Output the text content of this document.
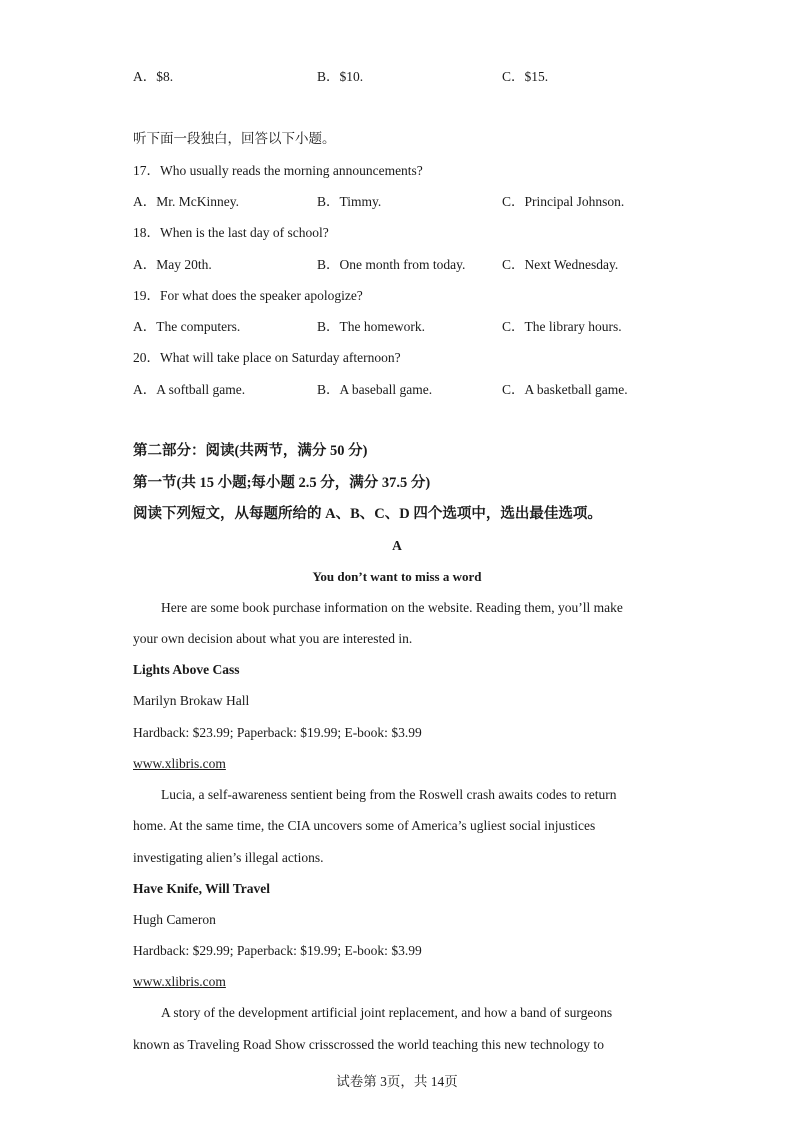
A．$8.	B．$10.	C．$15.
听下面一段独白，回答以下小题。
17．Who usually reads the morning announcements?
A．Mr. McKinney.	B．Timmy.	C．Principal Johnson.
18．When is the last day of school?
A．May 20th.	B．One month from today.	C．Next Wednesday.
19．For what does the speaker apologize?
A．The computers.	B．The homework.	C．The library hours.
20．What will take place on Saturday afternoon?
A．A softball game.	B．A baseball game.	C．A basketball game.
第二部分：阅读(共两节，满分 50 分)
第一节(共 15 小题;每小题 2.5 分，满分 37.5 分)
阅读下列短文，从每题所给的 A、B、C、D 四个选项中，选出最佳选项。
A
You don’t want to miss a word
Here are some book purchase information on the website. Reading them, you’ll make
your own decision about what you are interested in.
Lights Above Cass
Marilyn Brokaw Hall
Hardback: $23.99; Paperback: $19.99; E-book: $3.99
www.xlibris.com
Lucia, a self-awareness sentient being from the Roswell crash awaits codes to return
home. At the same time, the CIA uncovers some of America’s ugliest social injustices
investigating alien’s illegal actions.
Have Knife, Will Travel
Hugh Cameron
Hardback: $29.99; Paperback: $19.99; E-book: $3.99
www.xlibris.com
A story of the development artificial joint replacement, and how a band of surgeons
known as Traveling Road Show crisscrossed the world teaching this new technology to
试卷第 3页，共 14页
